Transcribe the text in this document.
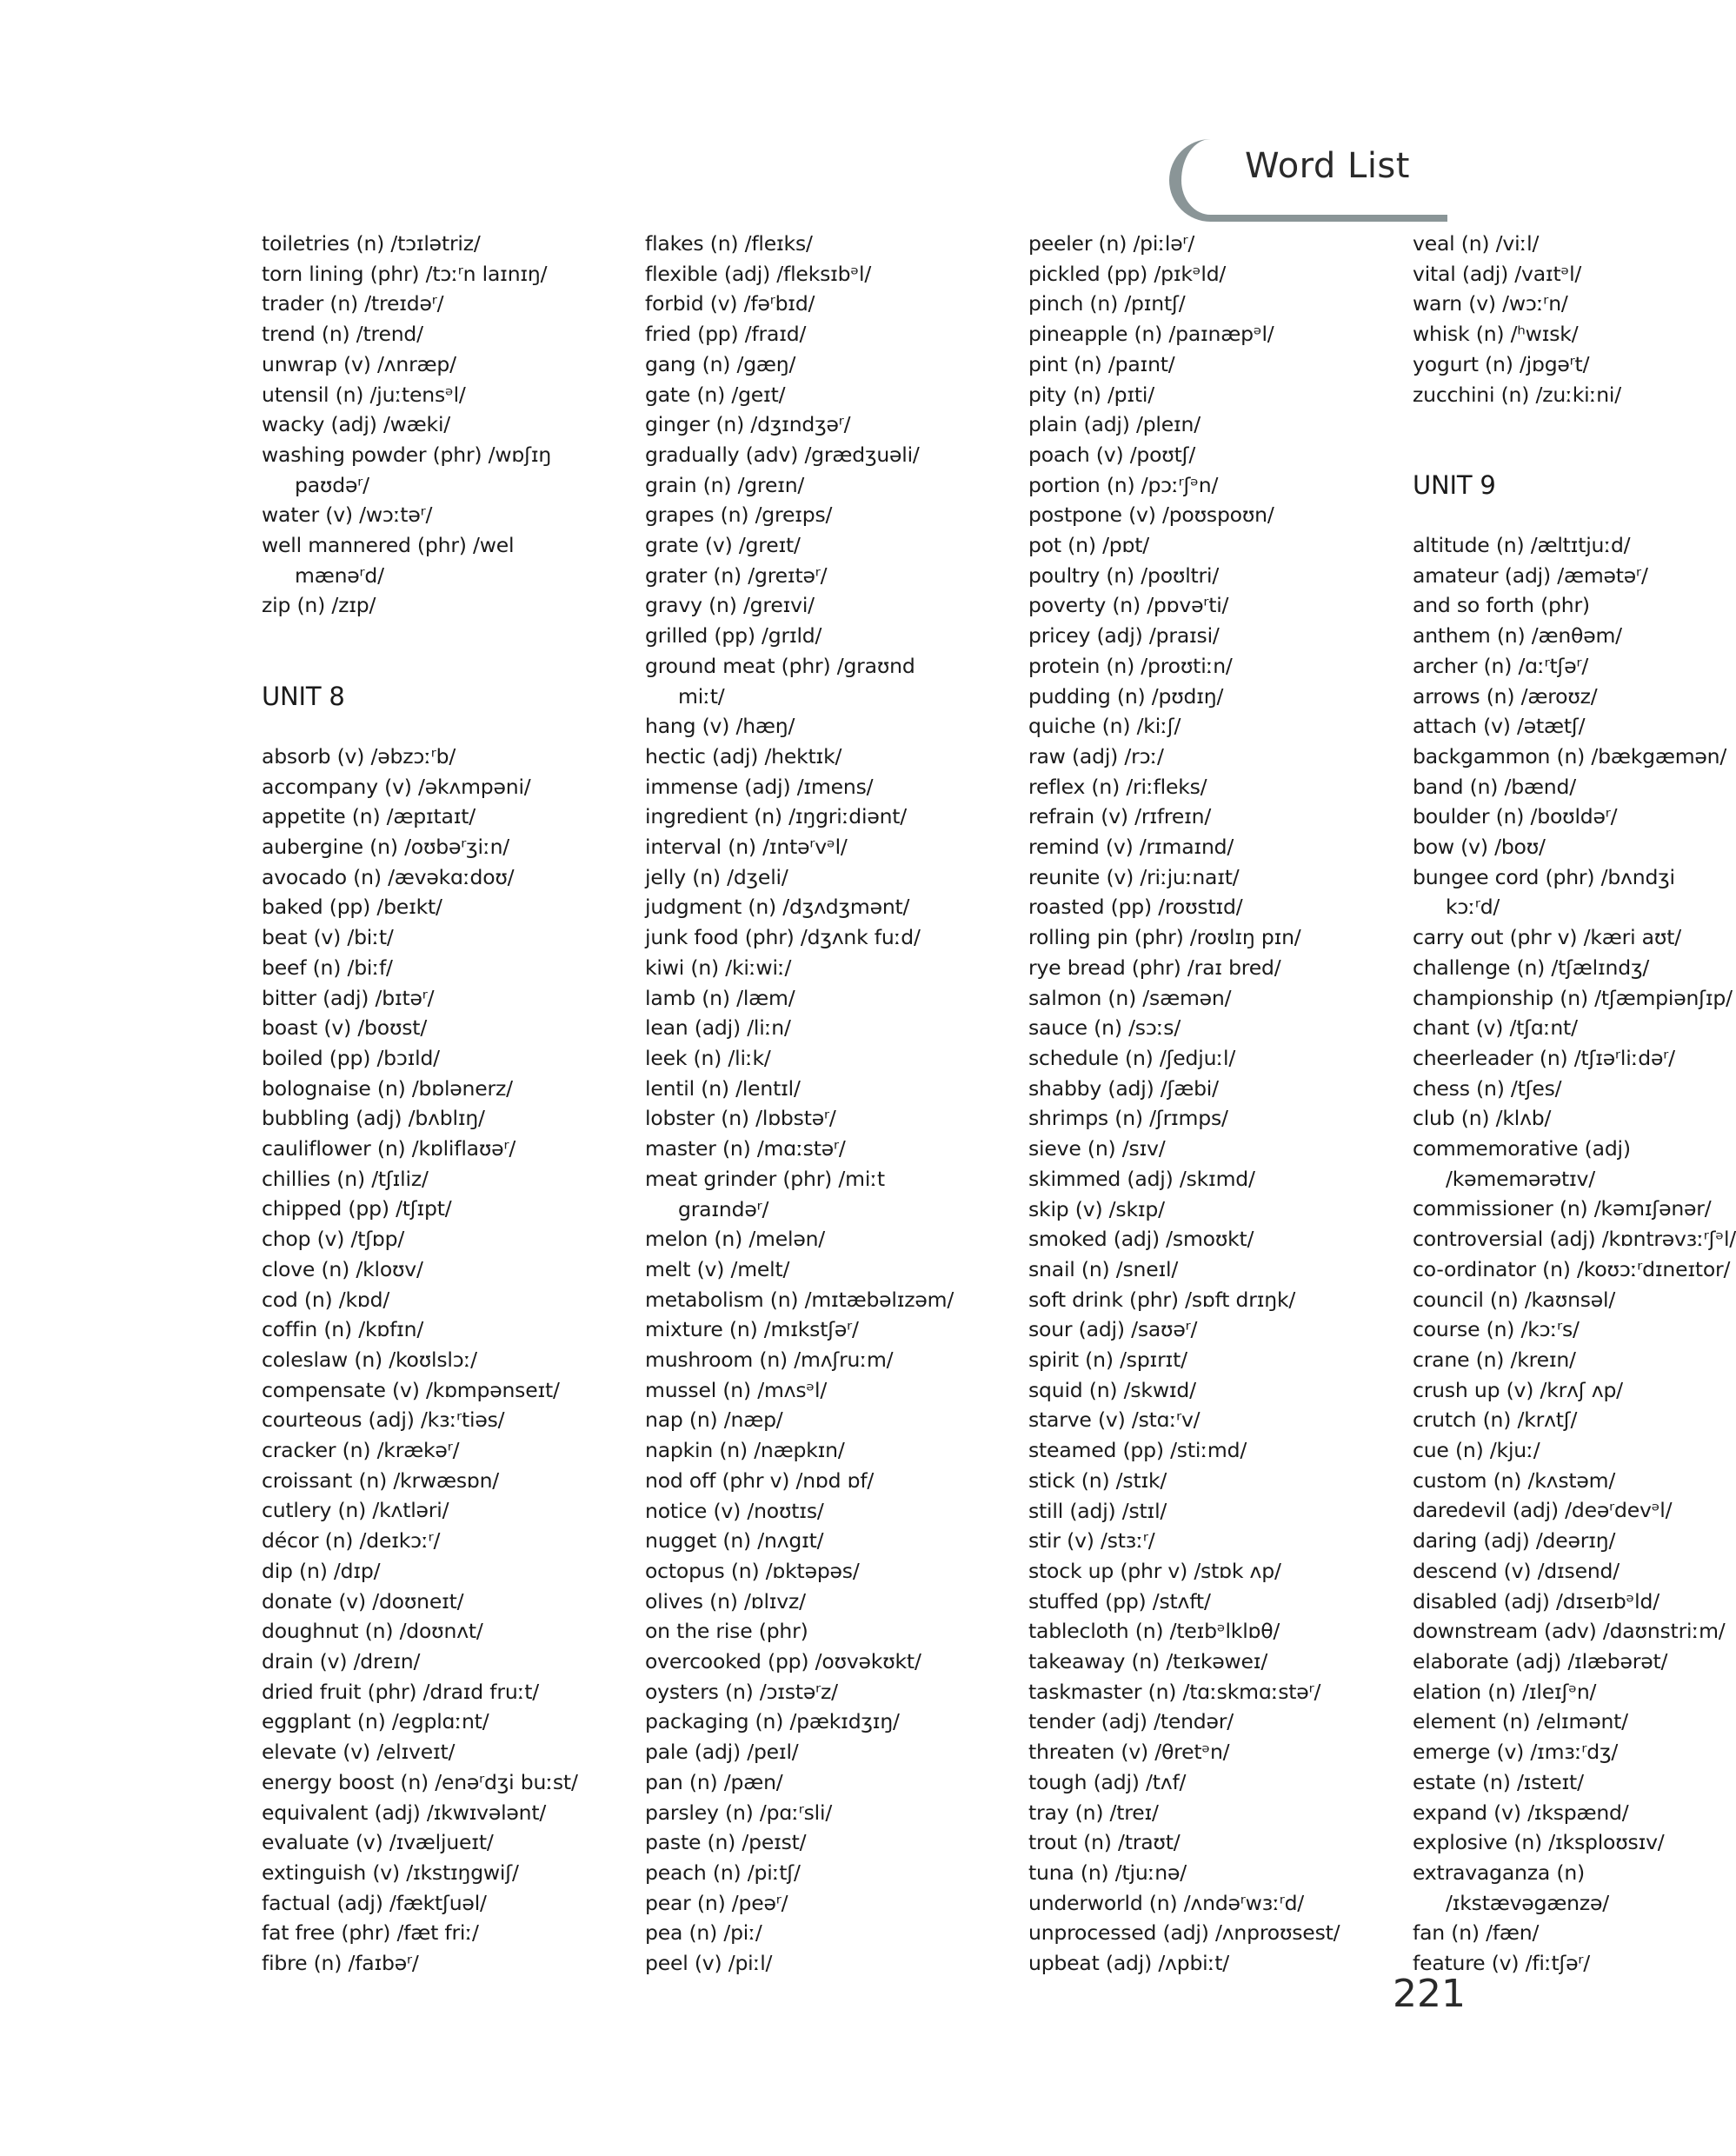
Word List
toiletries (n) /tɔɪlətriz/
torn lining (phr) /tɔːʳn laɪnɪŋ/
trader (n) /treɪdəʳ/
trend (n) /trend/
unwrap (v) /ʌnræp/
utensil (n) /juːtensᵊl/
wacky (adj) /wæki/
washing powder (phr) /wɒʃɪŋ
paʊdəʳ/
water (v) /wɔːtəʳ/
well mannered (phr) /wel
mænəʳd/
zip (n) /zɪp/
UNIT 8
absorb (v) /əbzɔːʳb/
accompany (v) /əkʌmpəni/
appetite (n) /æpɪtaɪt/
aubergine (n) /oʊbəʳʒiːn/
avocado (n) /ævəkɑːdoʊ/
baked (pp) /beɪkt/
beat (v) /biːt/
beef (n) /biːf/
bitter (adj) /bɪtəʳ/
boast (v) /boʊst/
boiled (pp) /bɔɪld/
bolognaise (n) /bɒlənerz/
bubbling (adj) /bʌblɪŋ/
cauliflower (n) /kɒliflaʊəʳ/
chillies (n) /tʃɪliz/
chipped (pp) /tʃɪpt/
chop (v) /tʃɒp/
clove (n) /kloʊv/
cod (n) /kɒd/
coffin (n) /kɒfɪn/
coleslaw (n) /koʊlslɔː/
compensate (v) /kɒmpənseɪt/
courteous (adj) /kɜːʳtiəs/
cracker (n) /krækəʳ/
croissant (n) /krwæsɒn/
cutlery (n) /kʌtləri/
décor (n) /deɪkɔːʳ/
dip (n) /dɪp/
donate (v) /doʊneɪt/
doughnut (n) /doʊnʌt/
drain (v) /dreɪn/
dried fruit (phr) /draɪd fruːt/
eggplant (n) /egplɑːnt/
elevate (v) /elɪveɪt/
energy boost (n) /enəʳdʒi buːst/
equivalent (adj) /ɪkwɪvələnt/
evaluate (v) /ɪvæljueɪt/
extinguish (v) /ɪkstɪŋgwiʃ/
factual (adj) /fæktʃuəl/
fat free (phr) /fæt friː/
fibre (n) /faɪbəʳ/
flakes (n) /fleɪks/
flexible (adj) /fleksɪbᵊl/
forbid (v) /fəʳbɪd/
fried (pp) /fraɪd/
gang (n) /gæŋ/
gate (n) /geɪt/
ginger (n) /dʒɪndʒəʳ/
gradually (adv) /grædʒuəli/
grain (n) /greɪn/
grapes (n) /greɪps/
grate (v) /greɪt/
grater (n) /greɪtəʳ/
gravy (n) /greɪvi/
grilled (pp) /grɪld/
ground meat (phr) /graʊnd
miːt/
hang (v) /hæŋ/
hectic (adj) /hektɪk/
immense (adj) /ɪmens/
ingredient (n) /ɪŋgriːdiənt/
interval (n) /ɪntəʳvᵊl/
jelly (n) /dʒeli/
judgment (n) /dʒʌdʒmənt/
junk food (phr) /dʒʌnk fuːd/
kiwi (n) /kiːwiː/
lamb (n) /læm/
lean (adj) /liːn/
leek (n) /liːk/
lentil (n) /lentɪl/
lobster (n) /lɒbstəʳ/
master (n) /mɑːstəʳ/
meat grinder (phr) /miːt
graɪndəʳ/
melon (n) /melən/
melt (v) /melt/
metabolism (n) /mɪtæbəlɪzəm/
mixture (n) /mɪkstʃəʳ/
mushroom (n) /mʌʃruːm/
mussel (n) /mʌsᵊl/
nap (n) /næp/
napkin (n) /næpkɪn/
nod off (phr v) /nɒd ɒf/
notice (v) /noʊtɪs/
nugget (n) /nʌgɪt/
octopus (n) /ɒktəpəs/
olives (n) /ɒlɪvz/
on the rise (phr)
overcooked (pp) /oʊvəkʊkt/
oysters (n) /ɔɪstəʳz/
packaging (n) /pækɪdʒɪŋ/
pale (adj) /peɪl/
pan (n) /pæn/
parsley (n) /pɑːʳsli/
paste (n) /peɪst/
peach (n) /piːtʃ/
pear (n) /peəʳ/
pea (n) /piː/
peel (v) /piːl/
peeler (n) /piːləʳ/
pickled (pp) /pɪkᵊld/
pinch (n) /pɪntʃ/
pineapple (n) /paɪnæpᵊl/
pint (n) /paɪnt/
pity (n) /pɪti/
plain (adj) /pleɪn/
poach (v) /poʊtʃ/
portion (n) /pɔːʳʃᵊn/
postpone (v) /poʊspoʊn/
pot (n) /pɒt/
poultry (n) /poʊltri/
poverty (n) /pɒvəʳti/
pricey (adj) /praɪsi/
protein (n) /proʊtiːn/
pudding (n) /pʊdɪŋ/
quiche (n) /kiːʃ/
raw (adj) /rɔː/
reflex (n) /riːfleks/
refrain (v) /rɪfreɪn/
remind (v) /rɪmaɪnd/
reunite (v) /riːjuːnaɪt/
roasted (pp) /roʊstɪd/
rolling pin (phr) /roʊlɪŋ pɪn/
rye bread (phr) /raɪ bred/
salmon (n) /sæmən/
sauce (n) /sɔːs/
schedule (n) /ʃedjuːl/
shabby (adj) /ʃæbi/
shrimps (n) /ʃrɪmps/
sieve (n) /sɪv/
skimmed (adj) /skɪmd/
skip (v) /skɪp/
smoked (adj) /smoʊkt/
snail (n) /sneɪl/
soft drink (phr) /sɒft drɪŋk/
sour (adj) /saʊəʳ/
spirit (n) /spɪrɪt/
squid (n) /skwɪd/
starve (v) /stɑːʳv/
steamed (pp) /stiːmd/
stick (n) /stɪk/
still (adj) /stɪl/
stir (v) /stɜːʳ/
stock up (phr v) /stɒk ʌp/
stuffed (pp) /stʌft/
tablecloth (n) /teɪbᵊlklɒθ/
takeaway (n) /teɪkəweɪ/
taskmaster (n) /tɑːskmɑːstəʳ/
tender (adj) /tendər/
threaten (v) /θretᵊn/
tough (adj) /tʌf/
tray (n) /treɪ/
trout (n) /traʊt/
tuna (n) /tjuːnə/
underworld (n) /ʌndəʳwɜːʳd/
unprocessed (adj) /ʌnproʊsest/
upbeat (adj) /ʌpbiːt/
veal (n) /viːl/
vital (adj) /vaɪtᵊl/
warn (v) /wɔːʳn/
whisk (n) /ʰwɪsk/
yogurt (n) /jɒgəʳt/
zucchini (n) /zuːkiːni/
UNIT 9
altitude (n) /æltɪtjuːd/
amateur (adj) /æmətəʳ/
and so forth (phr)
anthem (n) /ænθəm/
archer (n) /ɑːʳtʃəʳ/
arrows (n) /æroʊz/
attach (v) /ətætʃ/
backgammon (n) /bækgæmən/
band (n) /bænd/
boulder (n) /boʊldəʳ/
bow (v) /boʊ/
bungee cord (phr) /bʌndʒi
kɔːʳd/
carry out (phr v) /kæri aʊt/
challenge (n) /tʃælɪndʒ/
championship (n) /tʃæmpiənʃɪp/
chant (v) /tʃɑːnt/
cheerleader (n) /tʃɪəʳliːdəʳ/
chess (n) /tʃes/
club (n) /klʌb/
commemorative (adj)
/kəmemərətɪv/
commissioner (n) /kəmɪʃənər/
controversial (adj) /kɒntrəvɜːʳʃᵊl/
co-ordinator (n) /koʊɔːʳdɪneɪtor/
council (n) /kaʊnsəl/
course (n) /kɔːʳs/
crane (n) /kreɪn/
crush up (v) /krʌʃ ʌp/
crutch (n) /krʌtʃ/
cue (n) /kjuː/
custom (n) /kʌstəm/
daredevil (adj) /deəʳdevᵊl/
daring (adj) /deərɪŋ/
descend (v) /dɪsend/
disabled (adj) /dɪseɪbᵊld/
downstream (adv) /daʊnstriːm/
elaborate (adj) /ɪlæbərət/
elation (n) /ɪleɪʃᵊn/
element (n) /elɪmənt/
emerge (v) /ɪmɜːʳdʒ/
estate (n) /ɪsteɪt/
expand (v) /ɪkspænd/
explosive (n) /ɪksploʊsɪv/
extravaganza (n)
/ɪkstævəgænzə/
fan (n) /fæn/
feature (v) /fiːtʃəʳ/
221
